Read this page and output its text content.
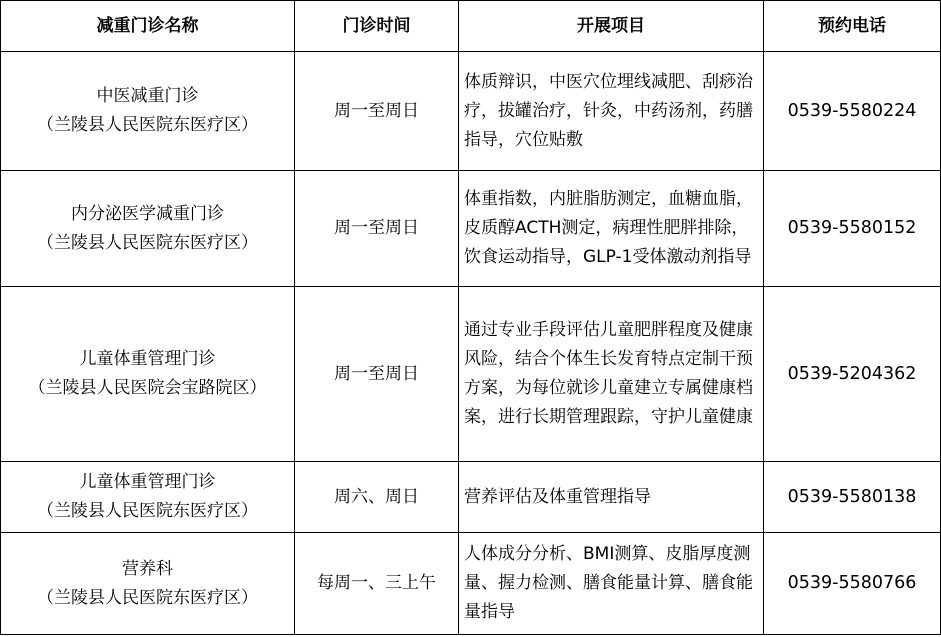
减重门诊名称	门诊时间	开展项目	预约电话

中医减重门诊
（兰陵县人民医院东医疗区）	周一至周日	体质辩识，中医穴位埋线减肥、刮痧治疗，拔罐治疗，针灸，中药汤剂，药膳指导，穴位贴敷	0539-5580224

内分泌医学减重门诊
（兰陵县人民医院东医疗区）	周一至周日	体重指数，内脏脂肪测定，血糖血脂，皮质醇ACTH测定，病理性肥胖排除，饮食运动指导，GLP-1受体激动剂指导	0539-5580152

儿童体重管理门诊
（兰陵县人民医院会宝路院区）	周一至周日	通过专业手段评估儿童肥胖程度及健康风险，结合个体生长发育特点定制干预方案，为每位就诊儿童建立专属健康档案，进行长期管理跟踪，守护儿童健康	0539-5204362

儿童体重管理门诊
（兰陵县人民医院东医疗区）	周六、周日	营养评估及体重管理指导	0539-5580138

营养科
（兰陵县人民医院东医疗区）	每周一、三上午	人体成分分析、BMI测算、皮脂厚度测量、握力检测、膳食能量计算、膳食能量指导	0539-5580766
